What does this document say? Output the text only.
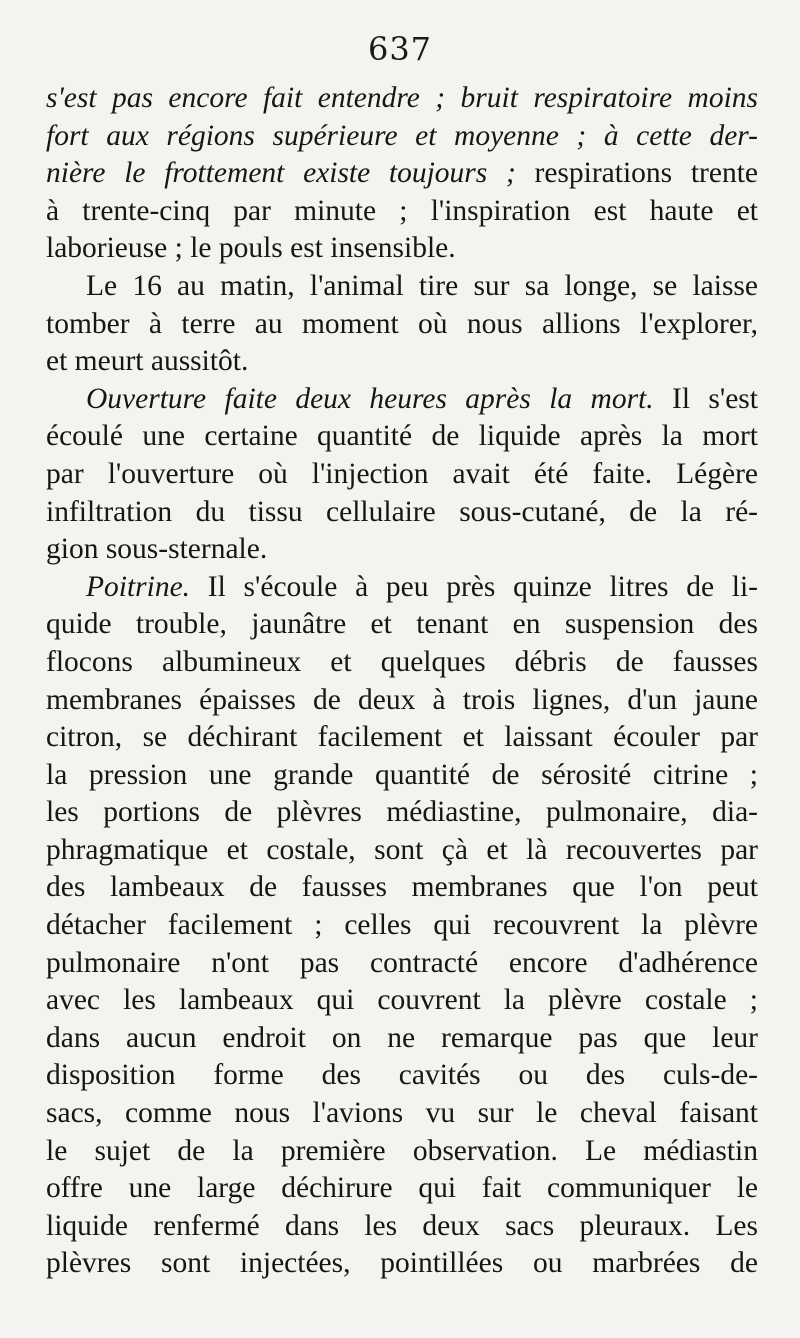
637
s'est pas encore fait entendre ; bruit respiratoire moins
fort aux régions supérieure et moyenne ; à cette der-
nière le frottement existe toujours ; respirations trente
à trente-cinq par minute ; l'inspiration est haute et
laborieuse ; le pouls est insensible.
Le 16 au matin, l'animal tire sur sa longe, se laisse
tomber à terre au moment où nous allions l'explorer,
et meurt aussitôt.
Ouverture faite deux heures après la mort. Il s'est
écoulé une certaine quantité de liquide après la mort
par l'ouverture où l'injection avait été faite. Légère
infiltration du tissu cellulaire sous-cutané, de la ré-
gion sous-sternale.
Poitrine. Il s'écoule à peu près quinze litres de li-
quide trouble, jaunâtre et tenant en suspension des
flocons albumineux et quelques débris de fausses
membranes épaisses de deux à trois lignes, d'un jaune
citron, se déchirant facilement et laissant écouler par
la pression une grande quantité de sérosité citrine ;
les portions de plèvres médiastine, pulmonaire, dia-
phragmatique et costale, sont çà et là recouvertes par
des lambeaux de fausses membranes que l'on peut
détacher facilement ; celles qui recouvrent la plèvre
pulmonaire n'ont pas contracté encore d'adhérence
avec les lambeaux qui couvrent la plèvre costale ;
dans aucun endroit on ne remarque pas que leur
disposition forme des cavités ou des culs-de-
sacs, comme nous l'avions vu sur le cheval faisant
le sujet de la première observation. Le médiastin
offre une large déchirure qui fait communiquer le
liquide renfermé dans les deux sacs pleuraux. Les
plèvres sont injectées, pointillées ou marbrées de
